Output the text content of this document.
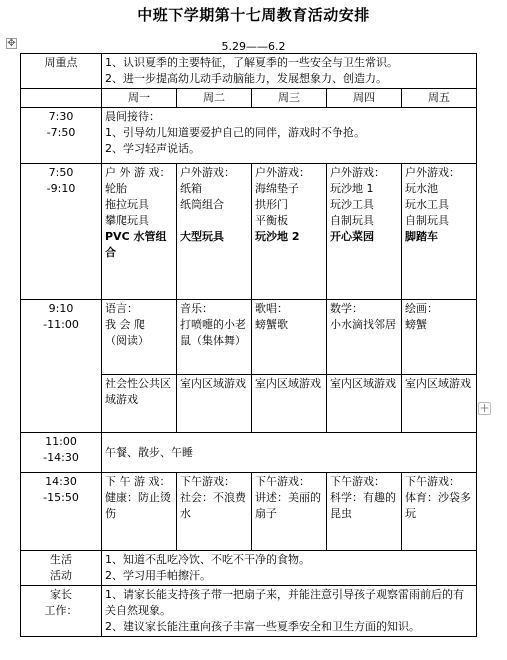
中班下学期第十七周教育活动安排
✥	5.29——6.2
+
周重点	1、认识夏季的主要特征，了解夏季的一些安全与卫生常识。
2、进一步提高幼儿动手动脑能力，发展想象力、创造力。				

	周一	周二	周三	周四	周五

7:30
-7:50	晨间接待：
1、引导幼儿知道要爱护自己的同伴，游戏时不争抢。
2、学习轻声说话。				

7:50
-9:10	户 外 游 戏：
轮胎
拖拉玩具
攀爬玩具
PVC 水管组合	户外游戏：
纸箱
纸筒组合
大型玩具	户外游戏：
海绵垫子
拱形门
平衡板
玩沙地 2	户外游戏：
玩沙地 1
玩沙工具
自制玩具
开心菜园	户外游戏：
玩水池
玩水工具
自制玩具
脚踏车

9:10
-11:00	语言：
我 会 爬
（阅读）	音乐：
打喷嚏的小老鼠（集体舞）	歌唱：
螃蟹歌	数学：
小水滴找邻居	绘画：
螃蟹

	社会性公共区域游戏	室内区域游戏	室内区域游戏	室内区域游戏	室内区域游戏

11:00
-14:30	午餐、散步、午睡				

14:30
-15:50	下 午 游 戏：
健康：防止烫伤	下午游戏：
社会：不浪费水	下午游戏：
讲述：美丽的扇子	下午游戏：
科学：有趣的昆虫	下午游戏：
体育：沙袋多玩

生活
活动	1、知道不乱吃冷饮、不吃不干净的食物。
2、学习用手帕擦汗。				

家长
工作：	1、请家长能支持孩子带一把扇子来，并能注意引导孩子观察雷雨前后的有关自然现象。
2、建议家长能注重向孩子丰富一些夏季安全和卫生方面的知识。				
